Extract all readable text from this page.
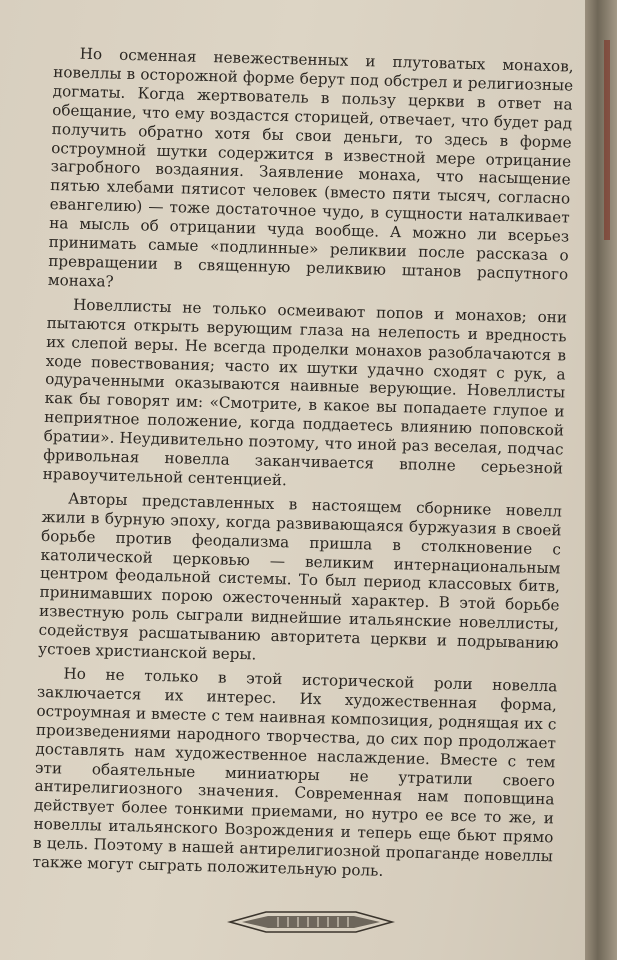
Но осменная невежественных и плутоватых монахов, новеллы в осторожной форме берут под обстрел и религиозные догматы. Когда жертвователь в пользу церкви в ответ на обещание, что ему воздастся сторицей, отвечает, что будет рад получить обратно хотя бы свои деньги, то здесь в форме остроумной шутки содержится в известной мере отрицание загробного воздаяния. Заявление монаха, что насыщение пятью хлебами пятисот человек (вместо пяти тысяч, согласно евангелию) — тоже достаточное чудо, в сущности наталкивает на мысль об отрицании чуда вообще. А можно ли всерьез принимать самые «подлинные» реликвии после рассказа о превращении в священную реликвию штанов распутного монаха?

Новеллисты не только осмеивают попов и монахов; они пытаются открыть верующим глаза на нелепость и вредность их слепой веры. Не всегда проделки монахов разоблачаются в ходе повествования; часто их шутки удачно сходят с рук, а одураченными оказываются наивные верующие. Новеллисты как бы говорят им: «Смотрите, в какое вы попадаете глупое и неприятное положение, когда поддаетесь влиянию поповской братии». Неудивительно поэтому, что иной раз веселая, подчас фривольная новелла заканчивается вполне серьезной нравоучительной сентенцией.

Авторы представленных в настоящем сборнике новелл жили в бурную эпоху, когда развивающаяся буржуазия в своей борьбе против феодализма пришла в столкновение с католической церковью — великим интернациональным центром феодальной системы. То был период классовых битв, принимавших порою ожесточенный характер. В этой борьбе известную роль сыграли виднейшие итальянские новеллисты, содействуя расшатыванию авторитета церкви и подрыванию устоев христианской веры.

Но не только в этой исторической роли новелла заключается их интерес. Их художественная форма, остроумная и вместе с тем наивная композиция, роднящая их с произведениями народного творчества, до сих пор продолжает доставлять нам художественное наслаждение. Вместе с тем эти обаятельные миниатюры не утратили своего антирелигиозного значения. Современная нам поповщина действует более тонкими приемами, но нутро ее все то же, и новеллы итальянского Возрождения и теперь еще бьют прямо в цель. Поэтому в нашей антирелигиозной пропаганде новеллы также могут сыграть положительную роль.
